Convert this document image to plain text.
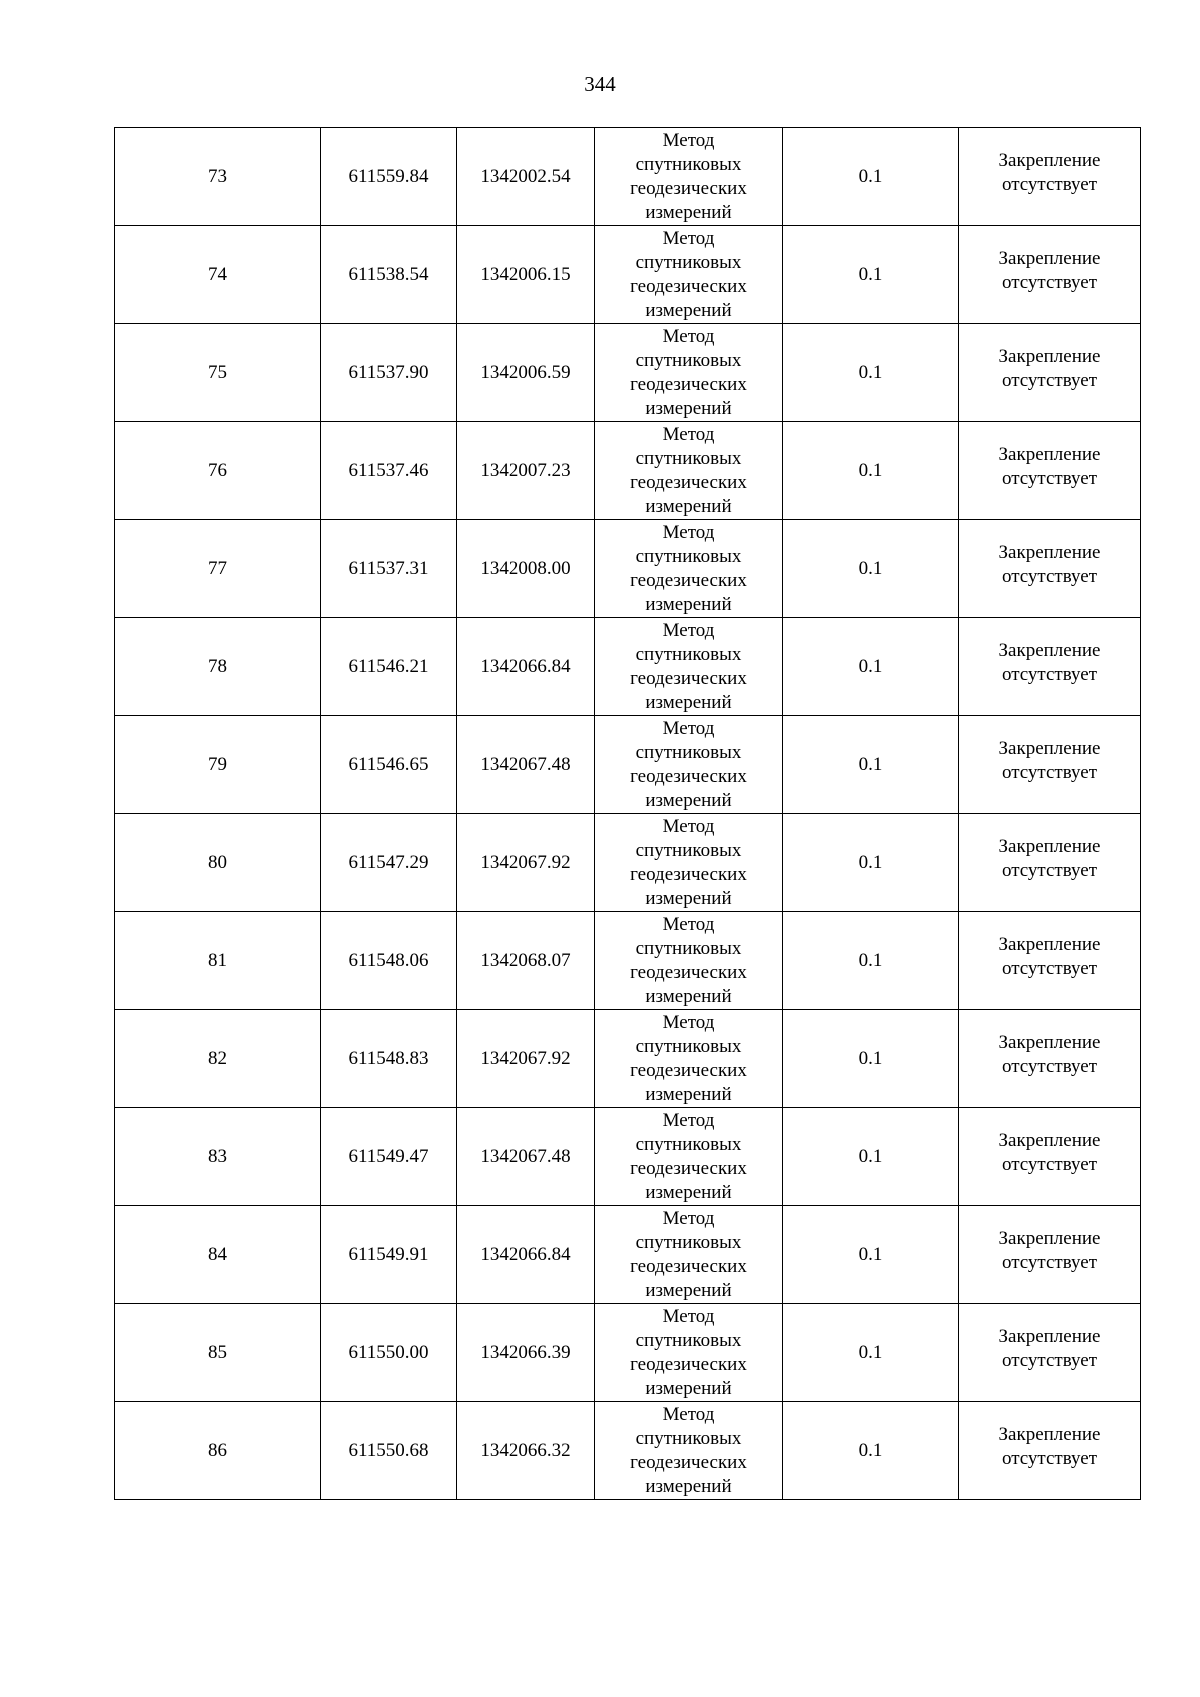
344
73	611559.84	1342002.54	Метод
спутниковых
геодезических
измерений	0.1	Закрепление
отсутствует

74	611538.54	1342006.15	Метод
спутниковых
геодезических
измерений	0.1	Закрепление
отсутствует

75	611537.90	1342006.59	Метод
спутниковых
геодезических
измерений	0.1	Закрепление
отсутствует

76	611537.46	1342007.23	Метод
спутниковых
геодезических
измерений	0.1	Закрепление
отсутствует

77	611537.31	1342008.00	Метод
спутниковых
геодезических
измерений	0.1	Закрепление
отсутствует

78	611546.21	1342066.84	Метод
спутниковых
геодезических
измерений	0.1	Закрепление
отсутствует

79	611546.65	1342067.48	Метод
спутниковых
геодезических
измерений	0.1	Закрепление
отсутствует

80	611547.29	1342067.92	Метод
спутниковых
геодезических
измерений	0.1	Закрепление
отсутствует

81	611548.06	1342068.07	Метод
спутниковых
геодезических
измерений	0.1	Закрепление
отсутствует

82	611548.83	1342067.92	Метод
спутниковых
геодезических
измерений	0.1	Закрепление
отсутствует

83	611549.47	1342067.48	Метод
спутниковых
геодезических
измерений	0.1	Закрепление
отсутствует

84	611549.91	1342066.84	Метод
спутниковых
геодезических
измерений	0.1	Закрепление
отсутствует

85	611550.00	1342066.39	Метод
спутниковых
геодезических
измерений	0.1	Закрепление
отсутствует

86	611550.68	1342066.32	Метод
спутниковых
геодезических
измерений	0.1	Закрепление
отсутствует
